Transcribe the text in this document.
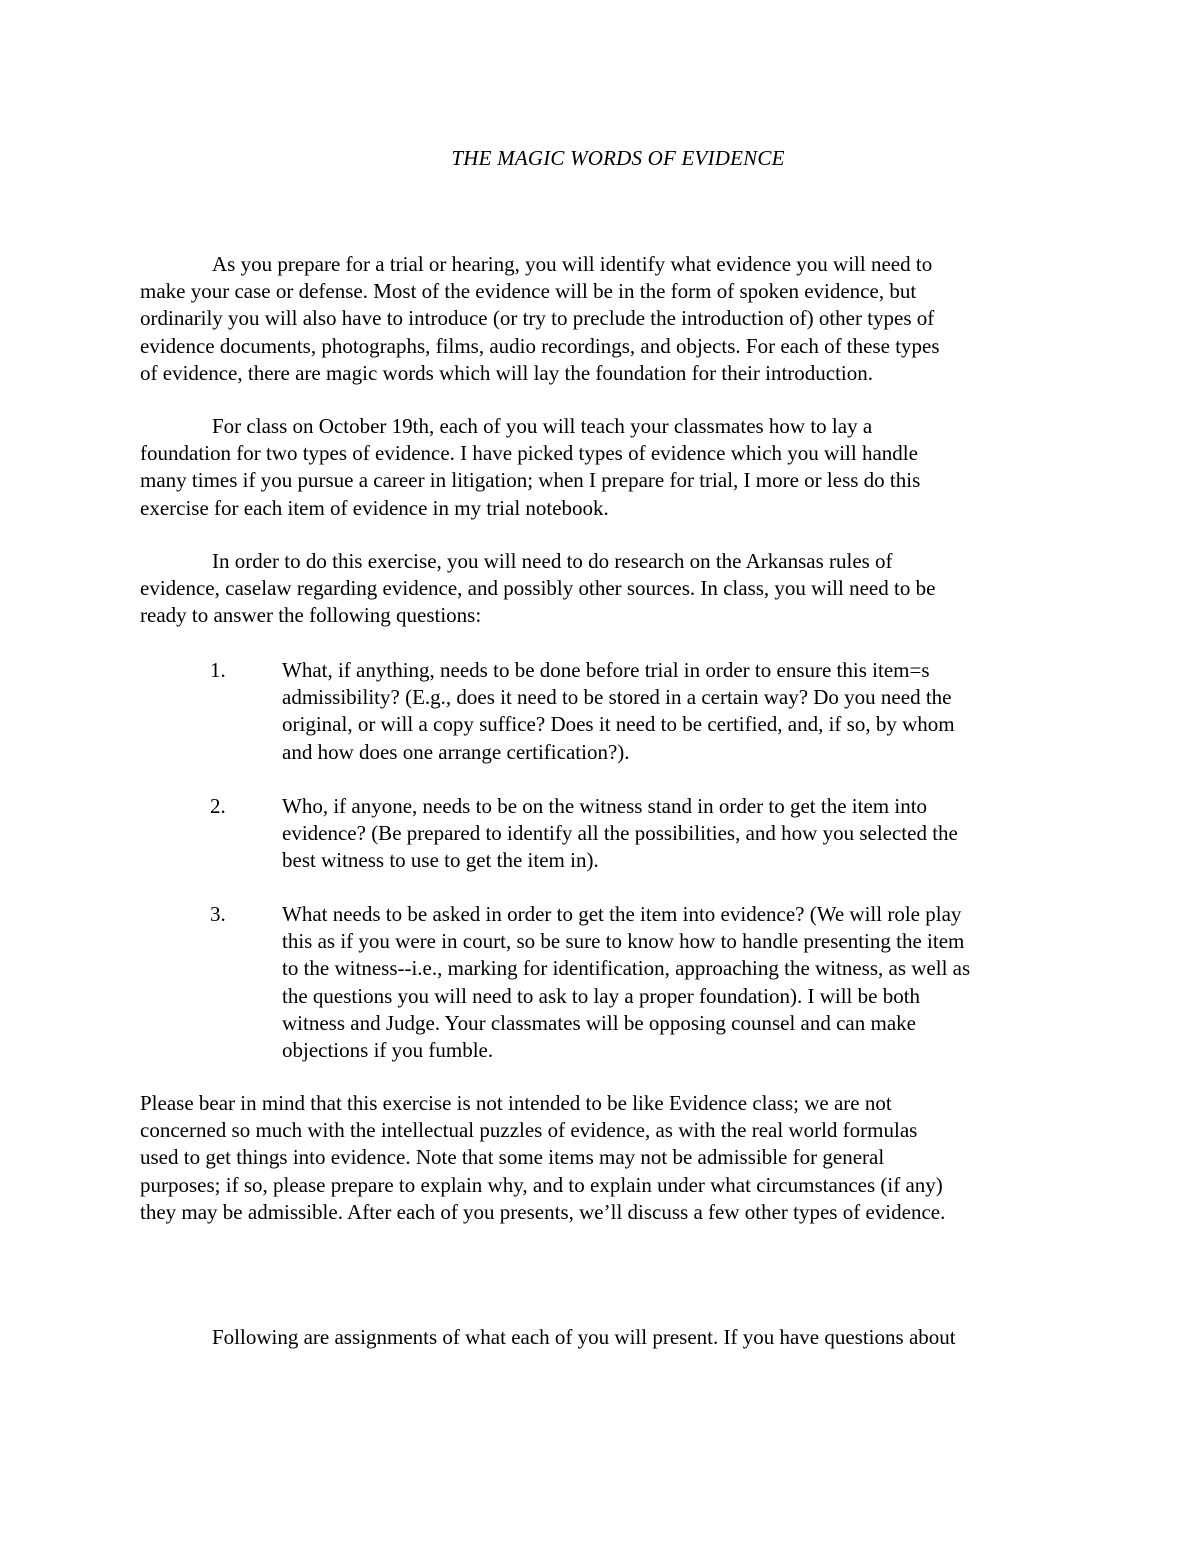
THE MAGIC WORDS OF EVIDENCE
As you prepare for a trial or hearing, you will identify what evidence you will need to
make your case or defense. Most of the evidence will be in the form of spoken evidence, but
ordinarily you will also have to introduce (or try to preclude the introduction of) other types of
evidence documents, photographs, films, audio recordings, and objects. For each of these types
of evidence, there are magic words which will lay the foundation for their introduction.
For class on October 19th, each of you will teach your classmates how to lay a
foundation for two types of evidence. I have picked types of evidence which you will handle
many times if you pursue a career in litigation; when I prepare for trial, I more or less do this
exercise for each item of evidence in my trial notebook.
In order to do this exercise, you will need to do research on the Arkansas rules of
evidence, caselaw regarding evidence, and possibly other sources. In class, you will need to be
ready to answer the following questions:
1.	What, if anything, needs to be done before trial in order to ensure this item=s
admissibility? (E.g., does it need to be stored in a certain way? Do you need the
original, or will a copy suffice? Does it need to be certified, and, if so, by whom
and how does one arrange certification?).
2.	Who, if anyone, needs to be on the witness stand in order to get the item into
evidence? (Be prepared to identify all the possibilities, and how you selected the
best witness to use to get the item in).
3.	What needs to be asked in order to get the item into evidence? (We will role play
this as if you were in court, so be sure to know how to handle presenting the item
to the witness--i.e., marking for identification, approaching the witness, as well as
the questions you will need to ask to lay a proper foundation). I will be both
witness and Judge. Your classmates will be opposing counsel and can make
objections if you fumble.
Please bear in mind that this exercise is not intended to be like Evidence class; we are not
concerned so much with the intellectual puzzles of evidence, as with the real world formulas
used to get things into evidence. Note that some items may not be admissible for general
purposes; if so, please prepare to explain why, and to explain under what circumstances (if any)
they may be admissible. After each of you presents, we’ll discuss a few other types of evidence.
Following are assignments of what each of you will present. If you have questions about
